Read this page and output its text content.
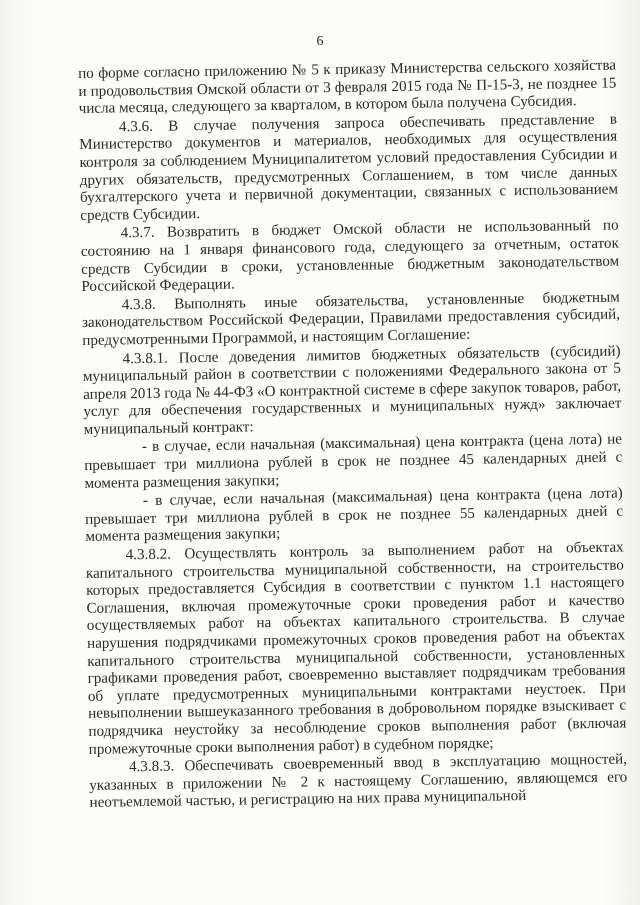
6

по форме согласно приложению № 5 к приказу Министерства сельского хозяйства и продовольствия Омской области от 3 февраля 2015 года № П-15-3, не позднее 15 числа месяца, следующего за кварталом, в котором была получена Субсидия.

4.3.6. В случае получения запроса обеспечивать представление в Министерство документов и материалов, необходимых для осуществления контроля за соблюдением Муниципалитетом условий предоставления Субсидии и других обязательств, предусмотренных Соглашением, в том числе данных бухгалтерского учета и первичной документации, связанных с использованием средств Субсидии.

4.3.7. Возвратить в бюджет Омской области не использованный по состоянию на 1 января финансового года, следующего за отчетным, остаток средств Субсидии в сроки, установленные бюджетным законодательством Российской Федерации.

4.3.8. Выполнять иные обязательства, установленные бюджетным законодательством Российской Федерации, Правилами предоставления субсидий, предусмотренными Программой, и настоящим Соглашение:

4.3.8.1. После доведения лимитов бюджетных обязательств (субсидий) муниципальный район в соответствии с положениями Федерального закона от 5 апреля 2013 года № 44-ФЗ «О контрактной системе в сфере закупок товаров, работ, услуг для обеспечения государственных и муниципальных нужд» заключает муниципальный контракт:

- в случае, если начальная (максимальная) цена контракта (цена лота) не превышает три миллиона рублей в срок не позднее 45 календарных дней с момента размещения закупки;

- в случае, если начальная (максимальная) цена контракта (цена лота) превышает три миллиона рублей в срок не позднее 55 календарных дней с момента размещения закупки;

4.3.8.2. Осуществлять контроль за выполнением работ на объектах капитального строительства муниципальной собственности, на строительство которых предоставляется Субсидия в соответствии с пунктом 1.1 настоящего Соглашения, включая промежуточные сроки проведения работ и качество осуществляемых работ на объектах капитального строительства. В случае нарушения подрядчиками промежуточных сроков проведения работ на объектах капитального строительства муниципальной собственности, установленных графиками проведения работ, своевременно выставляет подрядчикам требования об уплате предусмотренных муниципальными контрактами неустоек. При невыполнении вышеуказанного требования в добровольном порядке взыскивает с подрядчика неустойку за несоблюдение сроков выполнения работ (включая промежуточные сроки выполнения работ) в судебном порядке;

4.3.8.3. Обеспечивать своевременный ввод в эксплуатацию мощностей, указанных в приложении № 2 к настоящему Соглашению, являющемся его неотъемлемой частью, и регистрацию на них права муниципальной
